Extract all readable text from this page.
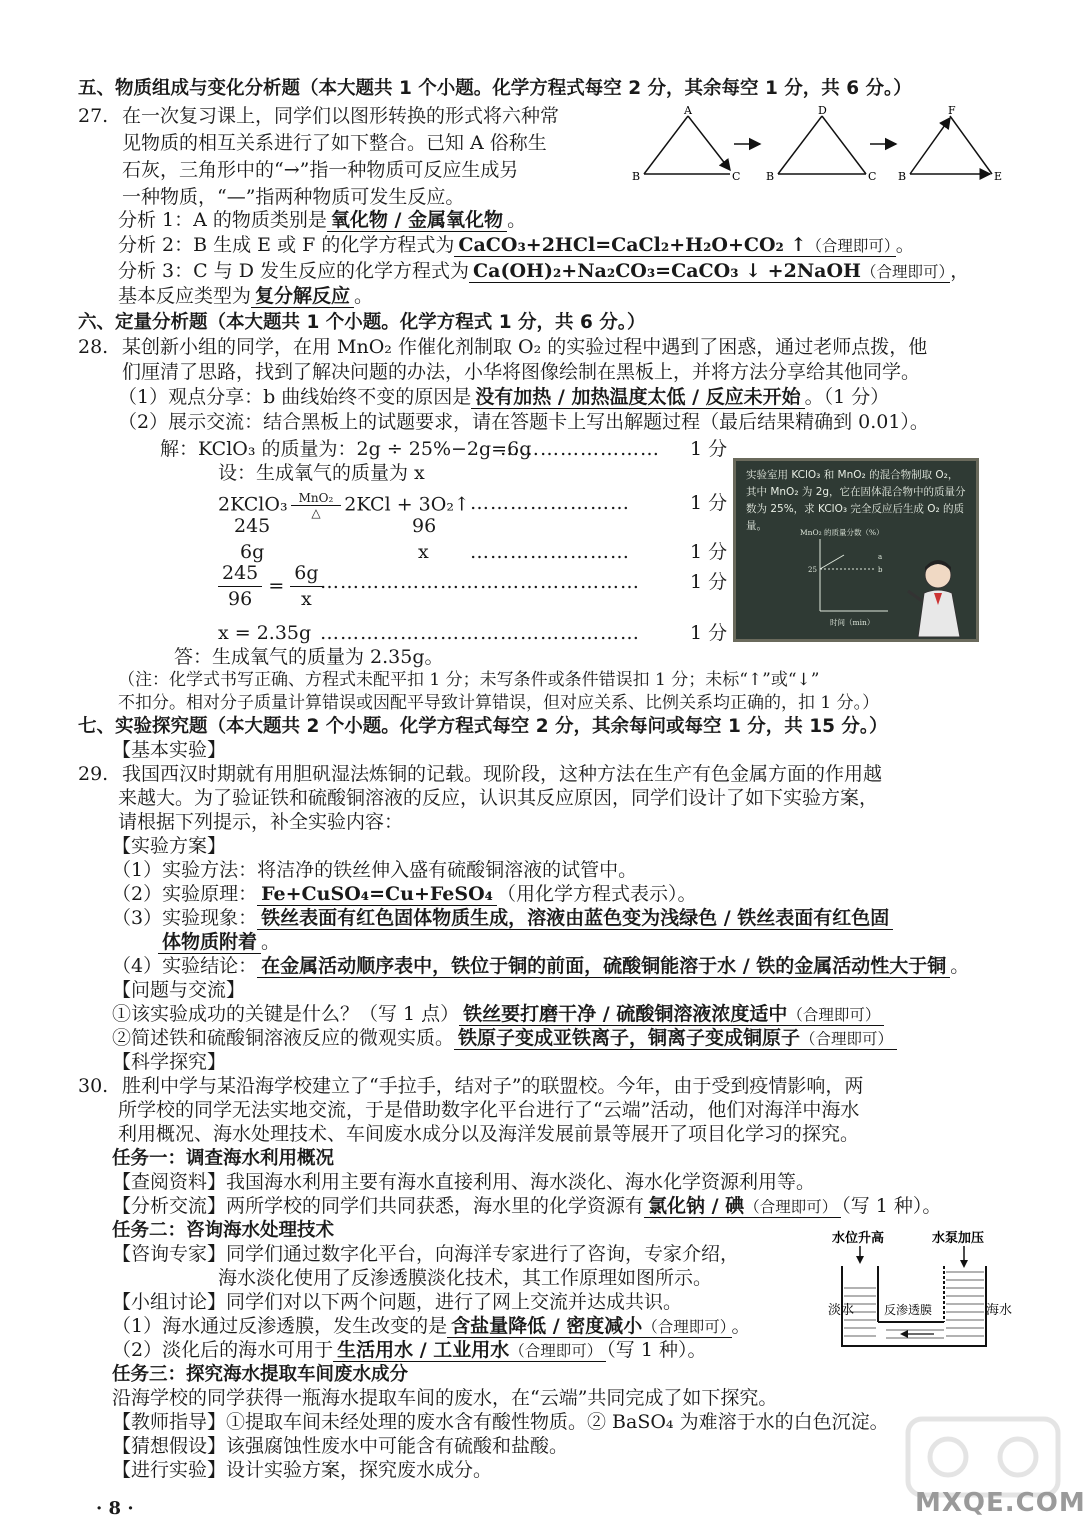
五、物质组成与变化分析题（本大题共 1 个小题。化学方程式每空 2 分，其余每空 1 分，共 6 分。）
27. 在一次复习课上，同学们以图形转换的形式将六种常
见物质的相互关系进行了如下整合。已知 A 俗称生
石灰，三角形中的“→”指一种物质可反应生成另
一种物质，“—”指两种物质可发生反应。
A
B	C
D
B	C
F
B	E
分析 1：A 的物质类别是 氧化物 / 金属氧化物 。
分析 2：B 生成 E 或 F 的化学方程式为 CaCO₃+2HCl=CaCl₂+H₂O+CO₂ ↑（合理即可） 。
分析 3：C 与 D 发生反应的化学方程式为 Ca(OH)₂+Na₂CO₃=CaCO₃ ↓ +2NaOH（合理即可） ，
基本反应类型为 复分解反应 。
六、定量分析题（本大题共 1 个小题。化学方程式 1 分，共 6 分。）
28. 某创新小组的同学，在用 MnO₂ 作催化剂制取 O₂ 的实验过程中遇到了困惑，通过老师点拨，他
们厘清了思路，找到了解决问题的办法，小华将图像绘制在黑板上，并将方法分享给其他同学。
（1）观点分享：b 曲线始终不变的原因是 没有加热 / 加热温度太低 / 反应未开始 。（1 分）
（2）展示交流：结合黑板上的试题要求，请在答题卡上写出解题过程（最后结果精确到 0.01）。
解：KClO₃ 的质量为：2g ÷ 25%−2g=6g
…………………… 1 分
设：生成氧气的质量为 x
2KClO₃ $\frac{\text{MnO₂}}{\triangle} 2KCl$ + 3O₂↑ ……………………	1 分
245	96
6g	x ……………………	1 分
$\frac{245}{96} = \frac{6g}{x}$
…………………………………………	1 分
x = 2.35g …………………………………………	1 分
答：生成氧气的质量为 2.35g。
（注：化学式书写正确、方程式未配平扣 1 分；未写条件或条件错误扣 1 分；未标“↑”或“↓”
不扣分。相对分子质量计算错误或因配平导致计算错误，但对应关系、比例关系均正确的，扣 1 分。）
实验室用 KClO₃ 和 MnO₂ 的混合物制取 O₂，其中 MnO₂ 为 2g，它在固体混合物中的质量分数为 25%，求 KClO₃ 完全反应后生成 O₂ 的质量。
MnO₂ 的质量分数（%）
25
a
b
时间（min）
七、实验探究题（本大题共 2 个小题。化学方程式每空 2 分，其余每问或每空 1 分，共 15 分。）
【基本实验】
29. 我国西汉时期就有用胆矾湿法炼铜的记载。现阶段，这种方法在生产有色金属方面的作用越
来越大。为了验证铁和硫酸铜溶液的反应，认识其反应原因，同学们设计了如下实验方案，
请根据下列提示，补全实验内容：
【实验方案】
（1）实验方法：将洁净的铁丝伸入盛有硫酸铜溶液的试管中。
（2）实验原理： Fe+CuSO₄=Cu+FeSO₄ （用化学方程式表示）。
（3）实验现象： 铁丝表面有红色固体物质生成，溶液由蓝色变为浅绿色 / 铁丝表面有红色固
体物质附着 。
（4）实验结论： 在金属活动顺序表中，铁位于铜的前面，硫酸铜能溶于水 / 铁的金属活动性大于铜 。
【问题与交流】
①该实验成功的关键是什么？（写 1 点） 铁丝要打磨干净 / 硫酸铜溶液浓度适中（合理即可）
②简述铁和硫酸铜溶液反应的微观实质。 铁原子变成亚铁离子，铜离子变成铜原子（合理即可）
【科学探究】
30. 胜利中学与某沿海学校建立了“手拉手，结对子”的联盟校。今年，由于受到疫情影响，两
所学校的同学无法实地交流，于是借助数字化平台进行了“云端”活动，他们对海洋中海水
利用概况、海水处理技术、车间废水成分以及海洋发展前景等展开了项目化学习的探究。
任务一：调查海水利用概况
【查阅资料】我国海水利用主要有海水直接利用、海水淡化、海水化学资源利用等。
【分析交流】两所学校的同学们共同获悉，海水里的化学资源有 氯化钠 / 碘（合理即可） （写 1 种）。
任务二：咨询海水处理技术
【咨询专家】同学们通过数字化平台，向海洋专家进行了咨询，专家介绍，
海水淡化使用了反渗透膜淡化技术，其工作原理如图所示。
【小组讨论】同学们对以下两个问题，进行了网上交流并达成共识。
（1）海水通过反渗透膜，发生改变的是 含盐量降低 / 密度减小（合理即可） 。
（2）淡化后的海水可用于 生活用水 / 工业用水（合理即可） （写 1 种）。
水位升高	水泵加压
反渗透膜
淡水	海水
任务三：探究海水提取车间废水成分
沿海学校的同学获得一瓶海水提取车间的废水，在“云端”共同完成了如下探究。
【教师指导】①提取车间未经处理的废水含有酸性物质。② BaSO₄ 为难溶于水的白色沉淀。
【猜想假设】该强腐蚀性废水中可能含有硫酸和盐酸。
【进行实验】设计实验方案，探究废水成分。
· 8 ·	MXQE.COM
